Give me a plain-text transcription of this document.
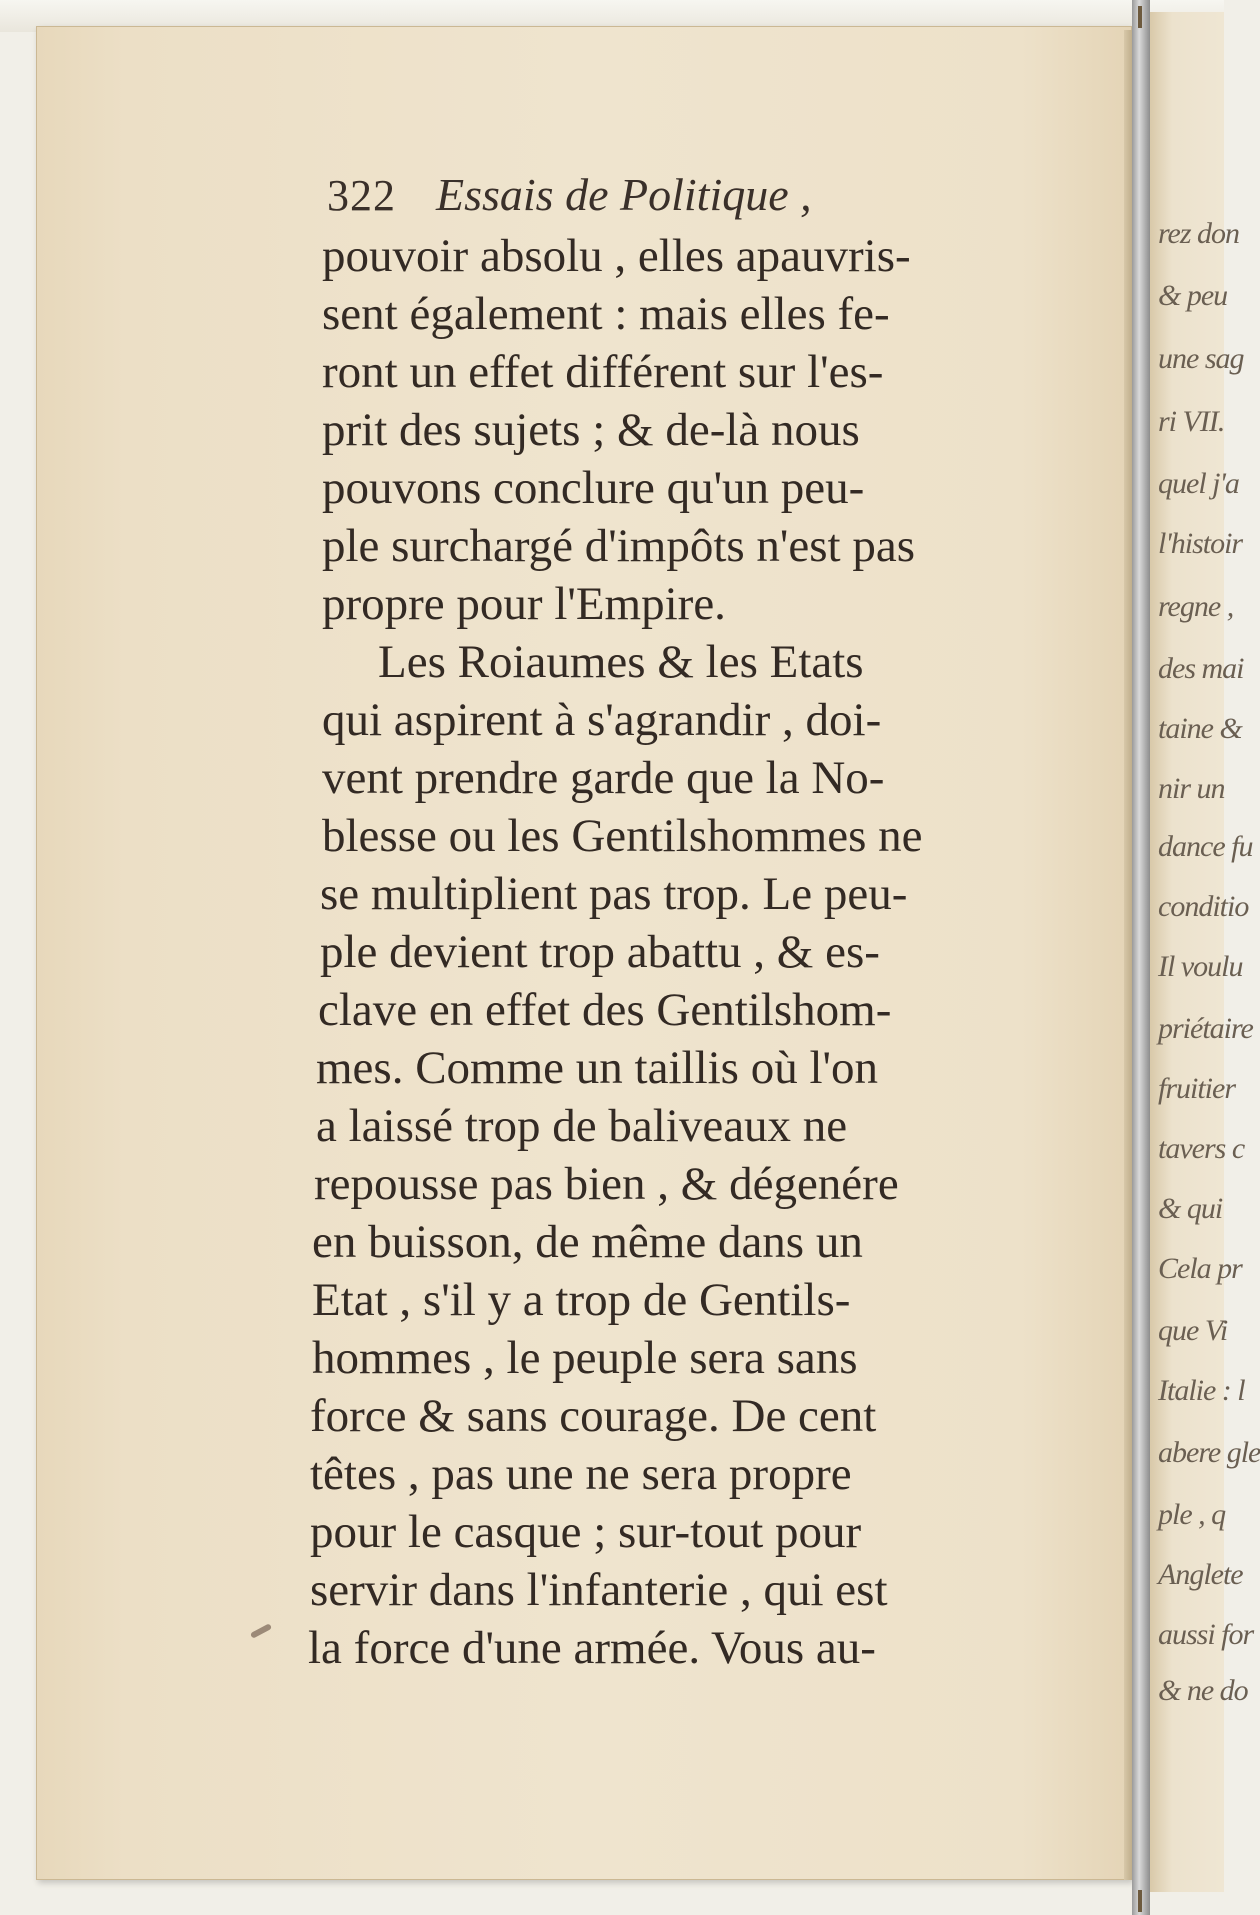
rez don
& peu
une sag
ri VII.
quel j'a
l'histoir
regne ,
des mai
taine &
nir un
dance fu
conditio
Il voulu
priétaire
fruitier
tavers c
& qui
Cela pr
que Vi
Italie : l
abere gle
ple , q
Anglete
aussi for
& ne do
322 Essais de Politique ,
pouvoir absolu , elles apauvris-
sent également : mais elles fe-
ront un effet différent sur l'es-
prit des sujets ; & de-là nous
pouvons conclure qu'un peu-
ple surchargé d'impôts n'est pas
propre pour l'Empire.
Les Roiaumes & les Etats
qui aspirent à s'agrandir , doi-
vent prendre garde que la No-
blesse ou les Gentilshommes ne
se multiplient pas trop. Le peu-
ple devient trop abattu , & es-
clave en effet des Gentilshom-
mes. Comme un taillis où l'on
a laissé trop de baliveaux ne
repousse pas bien , & dégenére
en buisson, de même dans un
Etat , s'il y a trop de Gentils-
hommes , le peuple sera sans
force & sans courage. De cent
têtes , pas une ne sera propre
pour le casque ; sur-tout pour
servir dans l'infanterie , qui est
la force d'une armée. Vous au-
